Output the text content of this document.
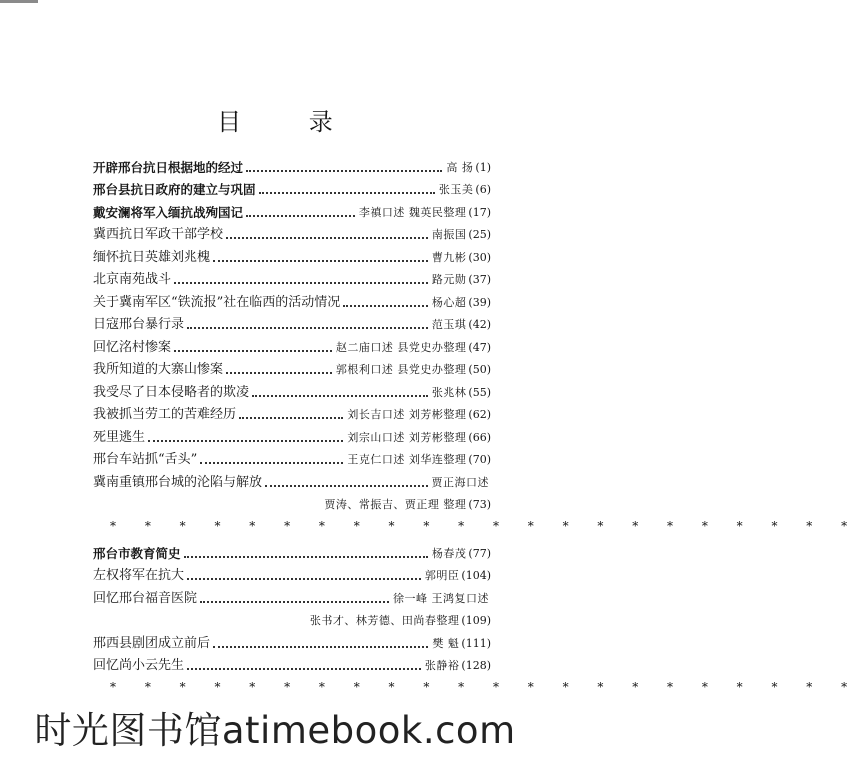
目 录
开辟邢台抗日根据地的经过	高 扬 (1)
邢台县抗日政府的建立与巩固	张玉美 (6)
戴安澜将军入缅抗战殉国记	李禛口述 魏英民整理 (17)
冀西抗日军政干部学校	南振国 (25)
缅怀抗日英雄刘兆槐	曹九彬 (30)
北京南苑战斗	路元勋 (37)
关于冀南军区“铁流报”社在临西的活动情况	杨心超 (39)
日寇邢台暴行录	范玉琪 (42)
回忆洺村惨案	赵二庙口述 县党史办整理 (47)
我所知道的大寨山惨案	郭根利口述 县党史办整理 (50)
我受尽了日本侵略者的欺凌	张兆林 (55)
我被抓当劳工的苦难经历	刘长吉口述 刘芳彬整理 (62)
死里逃生	刘宗山口述 刘芳彬整理 (66)
邢台车站抓“舌头”	王克仁口述 刘华连整理 (70)
冀南重镇邢台城的沦陷与解放	贾正海口述
贾涛、常振吉、贾正理 整理 (73)
* * * * * * * * * * * * * * * * * * * * * *
邢台市教育简史	杨春茂 (77)
左权将军在抗大	郭明臣 (104)
回忆邢台福音医院	徐一峰 王鸿复口述
张书才、林芳德、田尚春整理 (109)
邢西县剧团成立前后	樊 魁 (111)
回忆尚小云先生	张静裕 (128)
* * * * * * * * * * * * * * * * * * * * * *
时光图书馆atimebook.com
